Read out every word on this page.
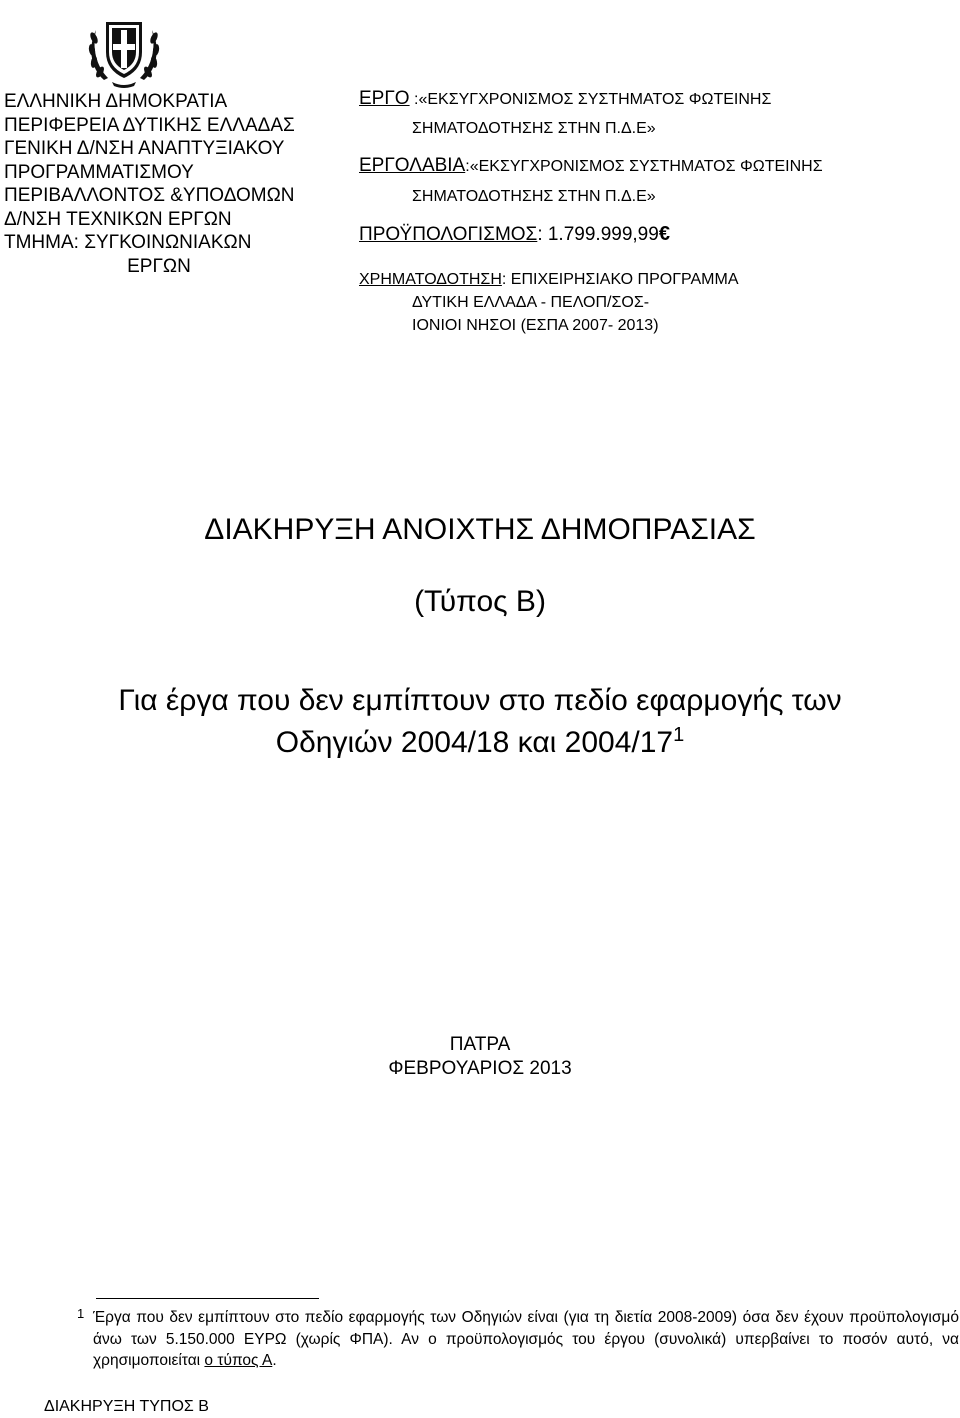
ΕΛΛΗΝΙΚΗ ΔΗΜΟΚΡΑΤΙΑ
ΠΕΡΙΦΕΡΕΙΑ ΔΥΤΙΚΗΣ ΕΛΛΑΔΑΣ
ΓΕΝΙΚΗ Δ/ΝΣΗ ΑΝΑΠΤΥΞΙΑΚΟΥ
ΠΡΟΓΡΑΜΜΑΤΙΣΜΟΥ
ΠΕΡΙΒΑΛΛΟΝΤΟΣ &ΥΠΟΔΟΜΩΝ
Δ/ΝΣΗ ΤΕΧΝΙΚΩΝ ΕΡΓΩΝ
ΤΜΗΜΑ: ΣΥΓΚΟΙΝΩΝΙΑΚΩΝ
ΕΡΓΩΝ
ΕΡΓΟ :«ΕΚΣΥΓΧΡΟΝΙΣΜΟΣ ΣΥΣΤΗΜΑΤΟΣ ΦΩΤΕΙΝΗΣ
ΣΗΜΑΤΟΔΟΤΗΣΗΣ ΣΤΗΝ Π.Δ.Ε»
ΕΡΓΟΛΑΒΙΑ:«ΕΚΣΥΓΧΡΟΝΙΣΜΟΣ ΣΥΣΤΗΜΑΤΟΣ ΦΩΤΕΙΝΗΣ
ΣΗΜΑΤΟΔΟΤΗΣΗΣ ΣΤΗΝ Π.Δ.Ε»
ΠΡΟΫΠΟΛΟΓΙΣΜΟΣ: 1.799.999,99€
ΧΡΗΜΑΤΟΔΟΤΗΣΗ: ΕΠΙΧΕΙΡΗΣΙΑΚΟ ΠΡΟΓΡΑΜΜΑ
ΔΥΤΙΚΗ ΕΛΛΑΔΑ - ΠΕΛΟΠ/ΣΟΣ-
ΙΟΝΙΟΙ ΝΗΣΟΙ (ΕΣΠΑ 2007- 2013)
ΔΙΑΚΗΡΥΞΗ ΑΝΟΙΧΤΗΣ ΔΗΜΟΠΡΑΣΙΑΣ
(Τύπος Β)
Για έργα που δεν εμπίπτουν στο πεδίο εφαρμογής των
Οδηγιών 2004/18 και $2004/17^1$
ΠΑΤΡΑ
ΦΕΒΡΟΥΑΡΙΟΣ 2013
1 Έργα που δεν εμπίπτουν στο πεδίο εφαρμογής των Οδηγιών είναι (για τη διετία 2008-2009) όσα δεν έχουν προϋπολογισμό άνω των 5.150.000 ΕΥΡΩ (χωρίς ΦΠΑ). Αν ο προϋπολογισμός του έργου (συνολικά) υπερβαίνει το ποσόν αυτό, να χρησιμοποιείται ο τύπος Α.
ΔΙΑΚΗΡΥΞΗ ΤΥΠΟΣ Β
